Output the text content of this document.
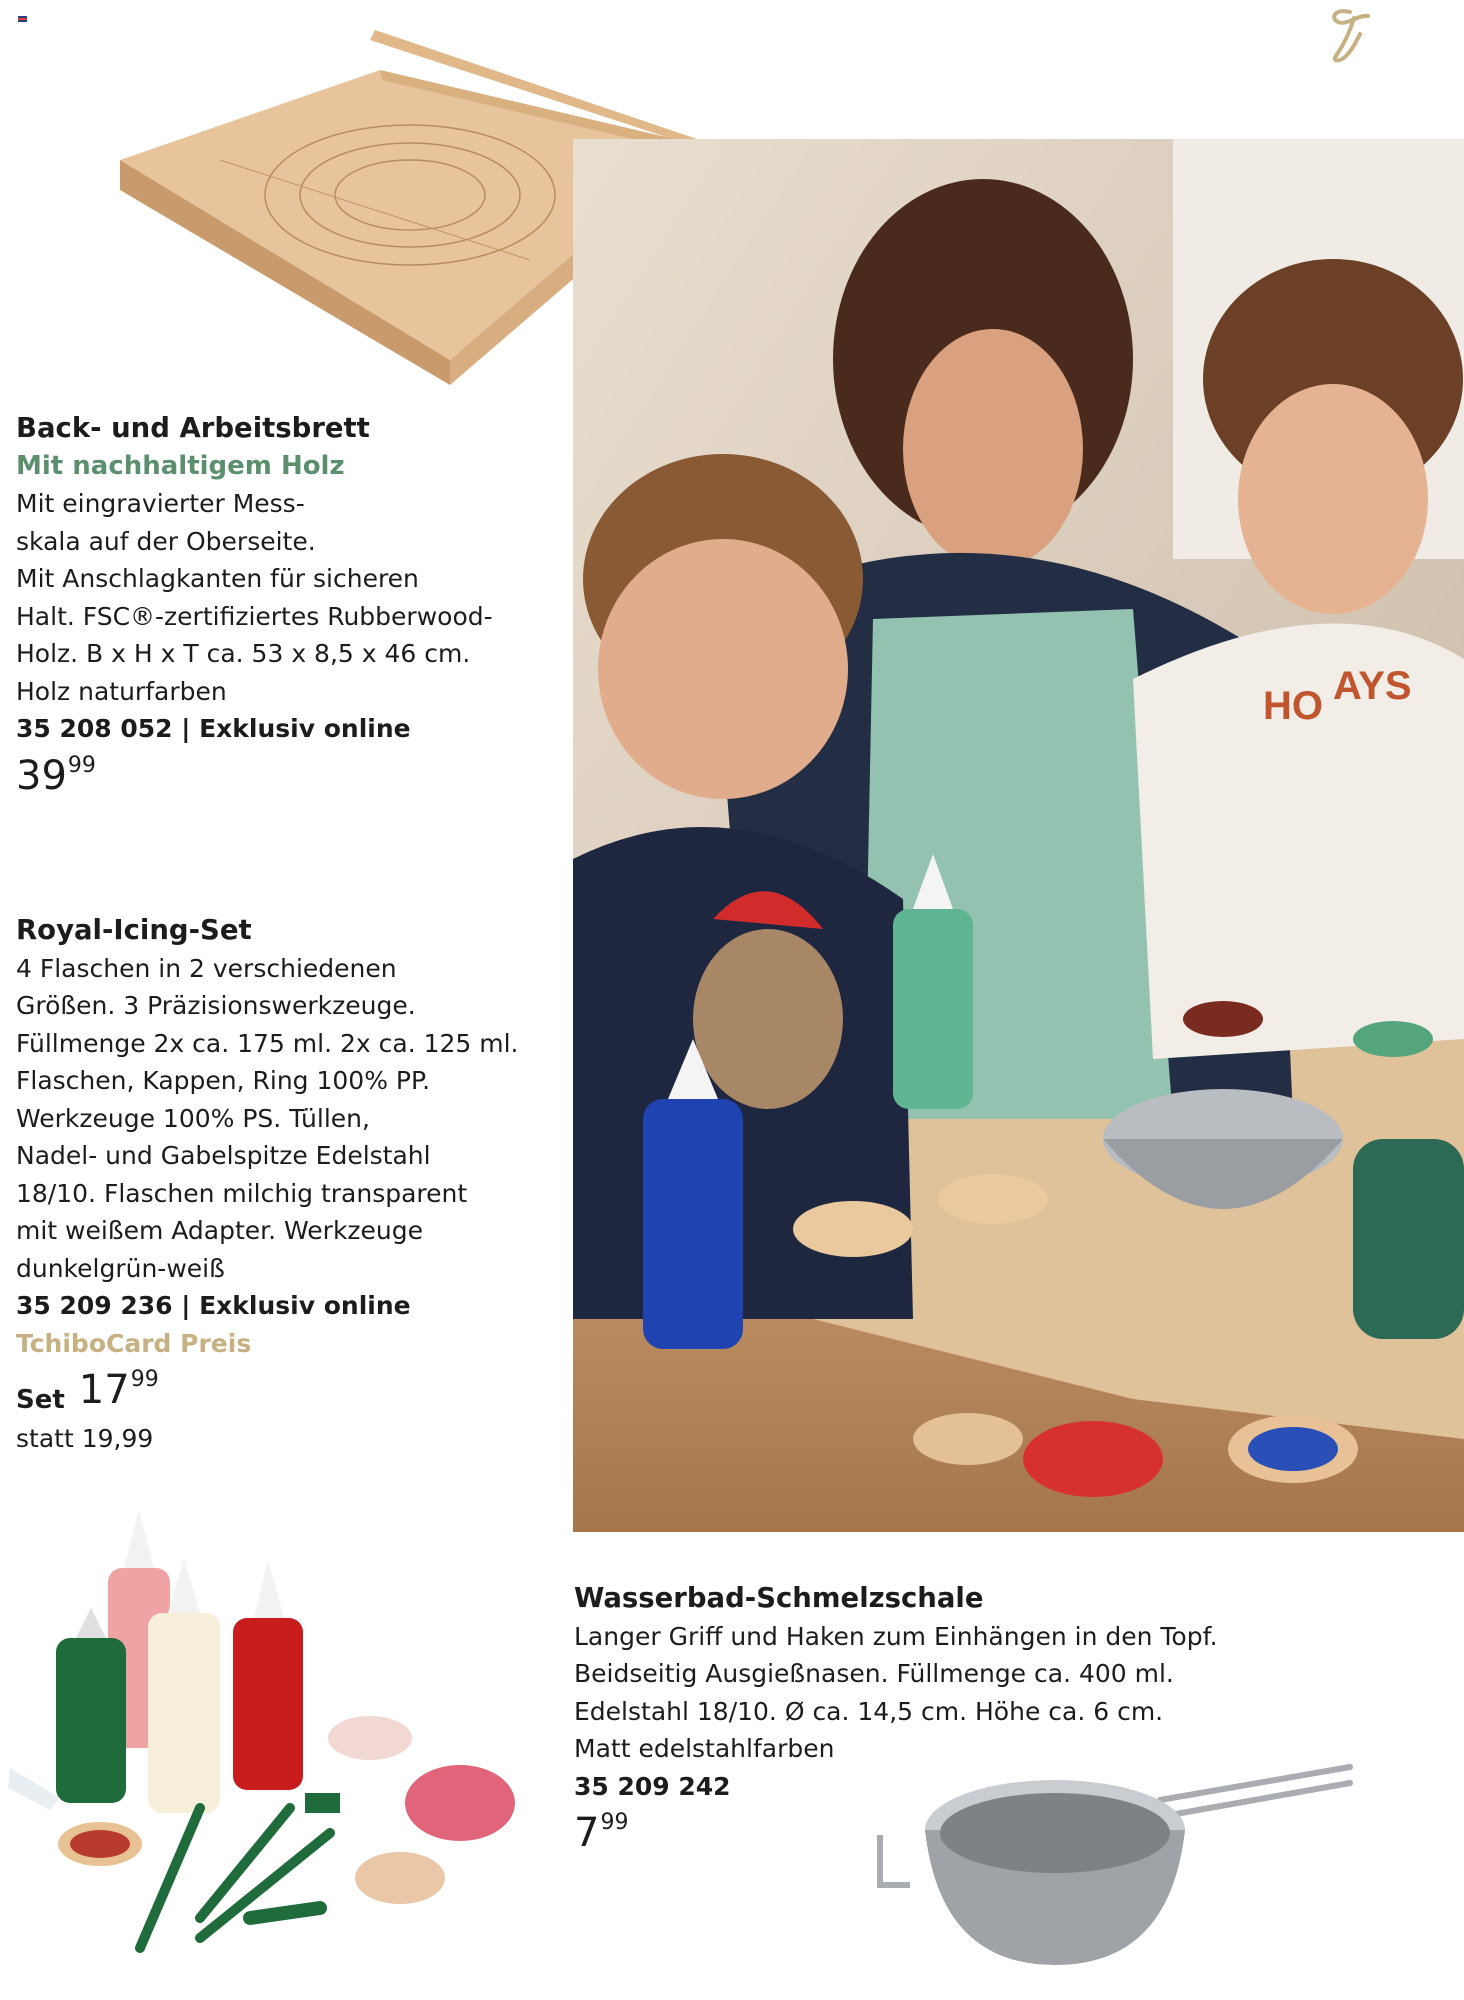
HO AYS
Back- und Arbeitsbrett
Mit nachhaltigem Holz
Mit eingravierter Mess-
skala auf der Oberseite.
Mit Anschlagkanten für sicheren
Halt. FSC®-zertifiziertes Rubberwood-
Holz. B x H x T ca. 53 x 8,5 x 46 cm.
Holz naturfarben
35 208 052 | Exklusiv online
39 99
Royal-Icing-Set
4 Flaschen in 2 verschiedenen
Größen. 3 Präzisionswerkzeuge.
Füllmenge 2x ca. 175 ml. 2x ca. 125 ml.
Flaschen, Kappen, Ring 100% PP.
Werkzeuge 100% PS. Tüllen,
Nadel- und Gabelspitze Edelstahl
18/10. Flaschen milchig transparent
mit weißem Adapter. Werkzeuge
dunkelgrün-weiß
35 209 236 | Exklusiv online
TchiboCard Preis
Set 17 99
statt 19,99
Wasserbad-Schmelzschale
Langer Griff und Haken zum Einhängen in den Topf.
Beidseitig Ausgießnasen. Füllmenge ca. 400 ml.
Edelstahl 18/10. Ø ca. 14,5 cm. Höhe ca. 6 cm.
Matt edelstahlfarben
35 209 242
7 99
